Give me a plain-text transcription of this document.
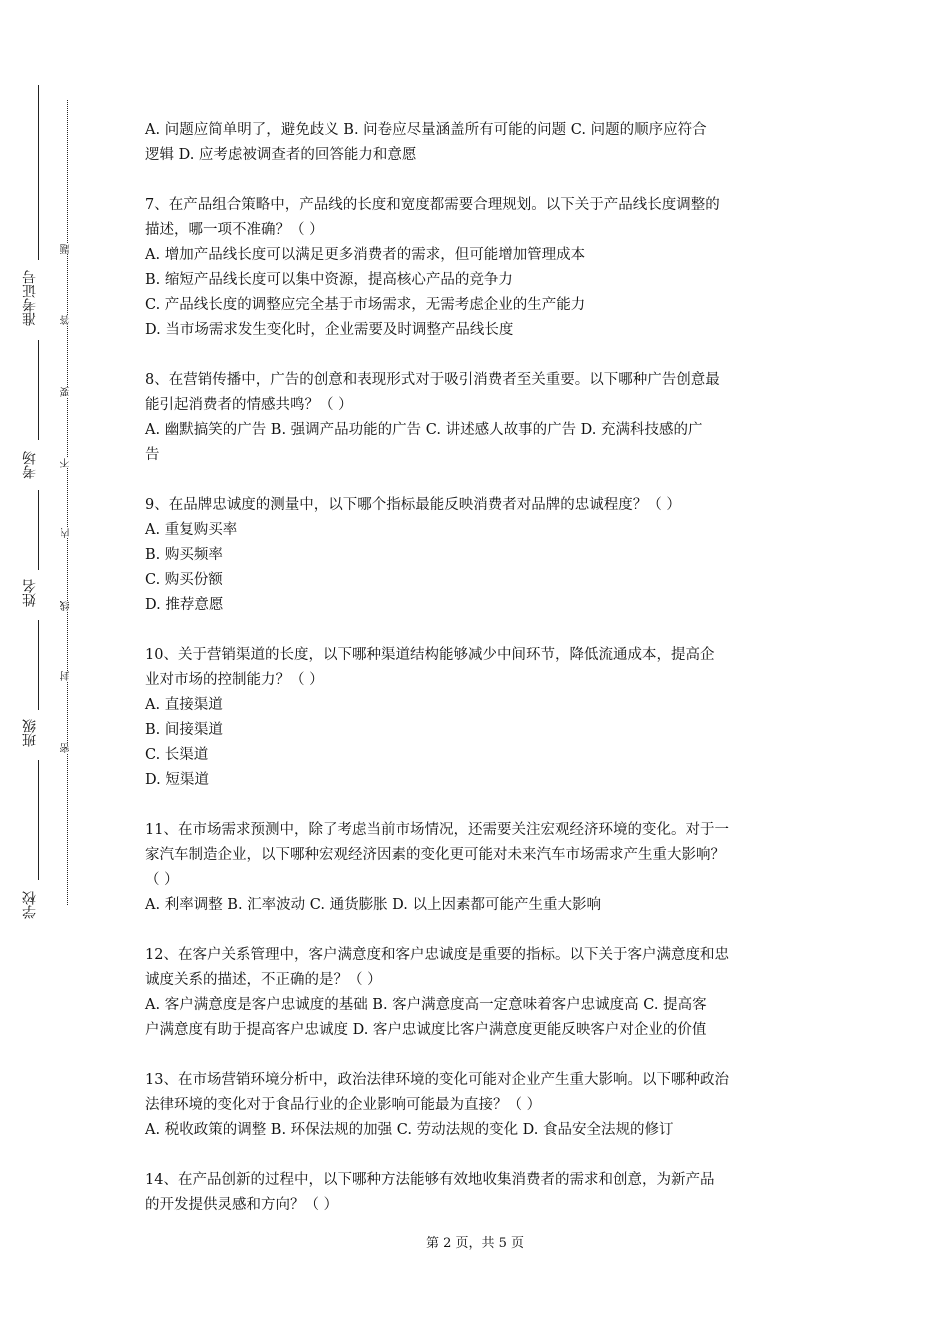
准考证号
考场
姓名
班级
学校
题
答
要
不
内
线
封
密
A. 问题应简单明了，避免歧义 B. 问卷应尽量涵盖所有可能的问题 C. 问题的顺序应符合
逻辑 D. 应考虑被调查者的回答能力和意愿
7、在产品组合策略中，产品线的长度和宽度都需要合理规划。以下关于产品线长度调整的
描述，哪一项不准确？（ ）
A. 增加产品线长度可以满足更多消费者的需求，但可能增加管理成本
B. 缩短产品线长度可以集中资源，提高核心产品的竞争力
C. 产品线长度的调整应完全基于市场需求，无需考虑企业的生产能力
D. 当市场需求发生变化时，企业需要及时调整产品线长度
8、在营销传播中，广告的创意和表现形式对于吸引消费者至关重要。以下哪种广告创意最
能引起消费者的情感共鸣？（ ）
A. 幽默搞笑的广告 B. 强调产品功能的广告 C. 讲述感人故事的广告 D. 充满科技感的广
告
9、在品牌忠诚度的测量中，以下哪个指标最能反映消费者对品牌的忠诚程度？（ ）
A. 重复购买率
B. 购买频率
C. 购买份额
D. 推荐意愿
10、关于营销渠道的长度，以下哪种渠道结构能够减少中间环节，降低流通成本，提高企
业对市场的控制能力？（ ）
A. 直接渠道
B. 间接渠道
C. 长渠道
D. 短渠道
11、在市场需求预测中，除了考虑当前市场情况，还需要关注宏观经济环境的变化。对于一
家汽车制造企业，以下哪种宏观经济因素的变化更可能对未来汽车市场需求产生重大影响？
（ ）
A. 利率调整 B. 汇率波动 C. 通货膨胀 D. 以上因素都可能产生重大影响
12、在客户关系管理中，客户满意度和客户忠诚度是重要的指标。以下关于客户满意度和忠
诚度关系的描述，不正确的是？（ ）
A. 客户满意度是客户忠诚度的基础 B. 客户满意度高一定意味着客户忠诚度高 C. 提高客
户满意度有助于提高客户忠诚度 D. 客户忠诚度比客户满意度更能反映客户对企业的价值
13、在市场营销环境分析中，政治法律环境的变化可能对企业产生重大影响。以下哪种政治
法律环境的变化对于食品行业的企业影响可能最为直接？（ ）
A. 税收政策的调整 B. 环保法规的加强 C. 劳动法规的变化 D. 食品安全法规的修订
14、在产品创新的过程中，以下哪种方法能够有效地收集消费者的需求和创意，为新产品
的开发提供灵感和方向？（ ）
第 2 页，共 5 页
